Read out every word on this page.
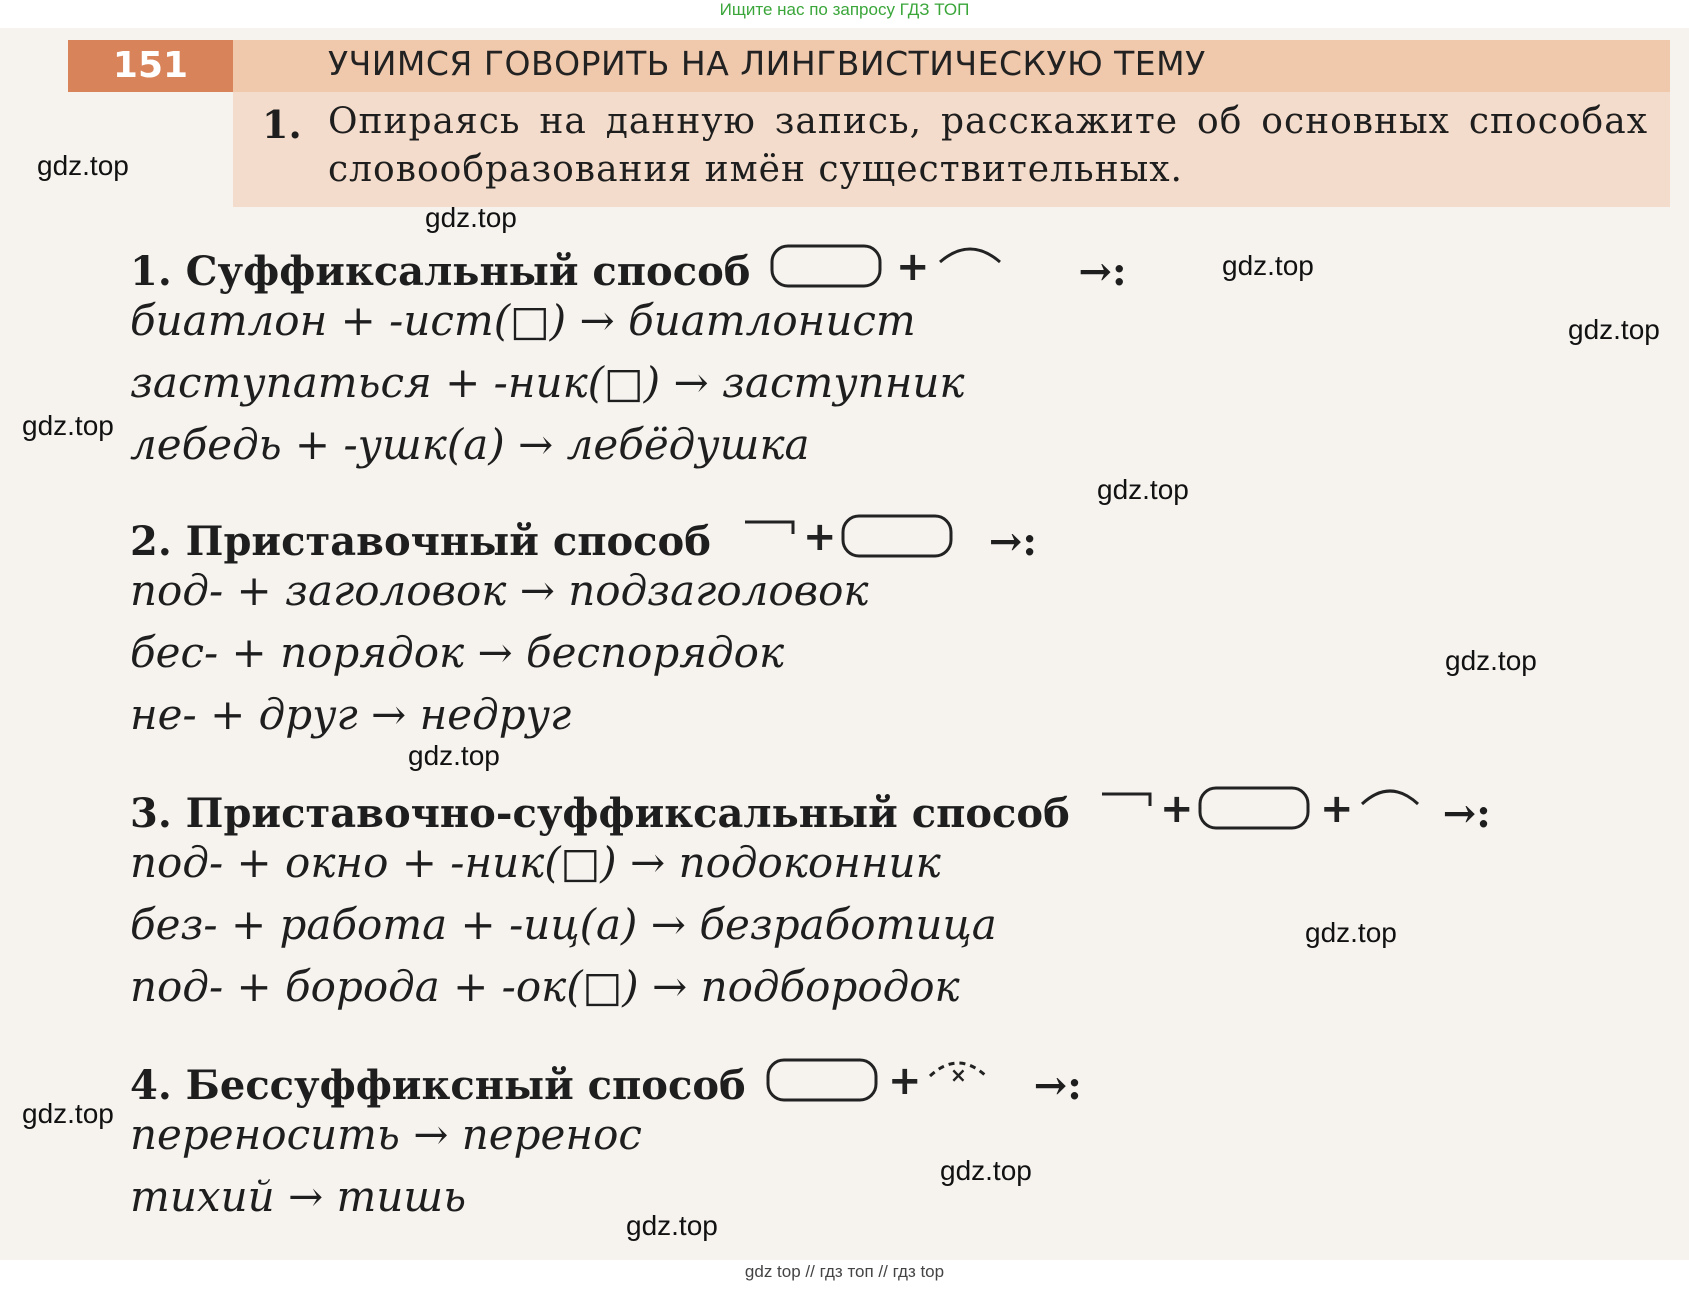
Ищите нас по запросу ГДЗ ТОП
151	УЧИМСЯ ГОВОРИТЬ НА ЛИНГВИСТИЧЕСКУЮ ТЕМУ
1. Опираясь на данную запись, расскажите об основных способах словообразования имён существительных.
1. Суффиксальный способ	+	→:
биатлон + -ист(□) → биатлонист
заступаться + -ник(□) → заступник
лебедь + -ушк(а) → лебёдушка
2. Приставочный способ +	→:
под- + заголовок → подзаголовок
бес- + порядок → беспорядок
не- + друг → недруг
3. Приставочно-суффиксальный способ +	+ →:
под- + окно + -ник(□) → подоконник
без- + работа + -иц(а) → безработица
под- + борода + -ок(□) → подбородок
4. Бессуффиксный способ	+ × →:
переносить → перенос
тихий → тишь
gdz.top
gdz.top
gdz.top
gdz.top
gdz.top
gdz.top
gdz.top
gdz.top
gdz.top
gdz.top
gdz.top
gdz.top
gdz top // гдз топ // гдз top
